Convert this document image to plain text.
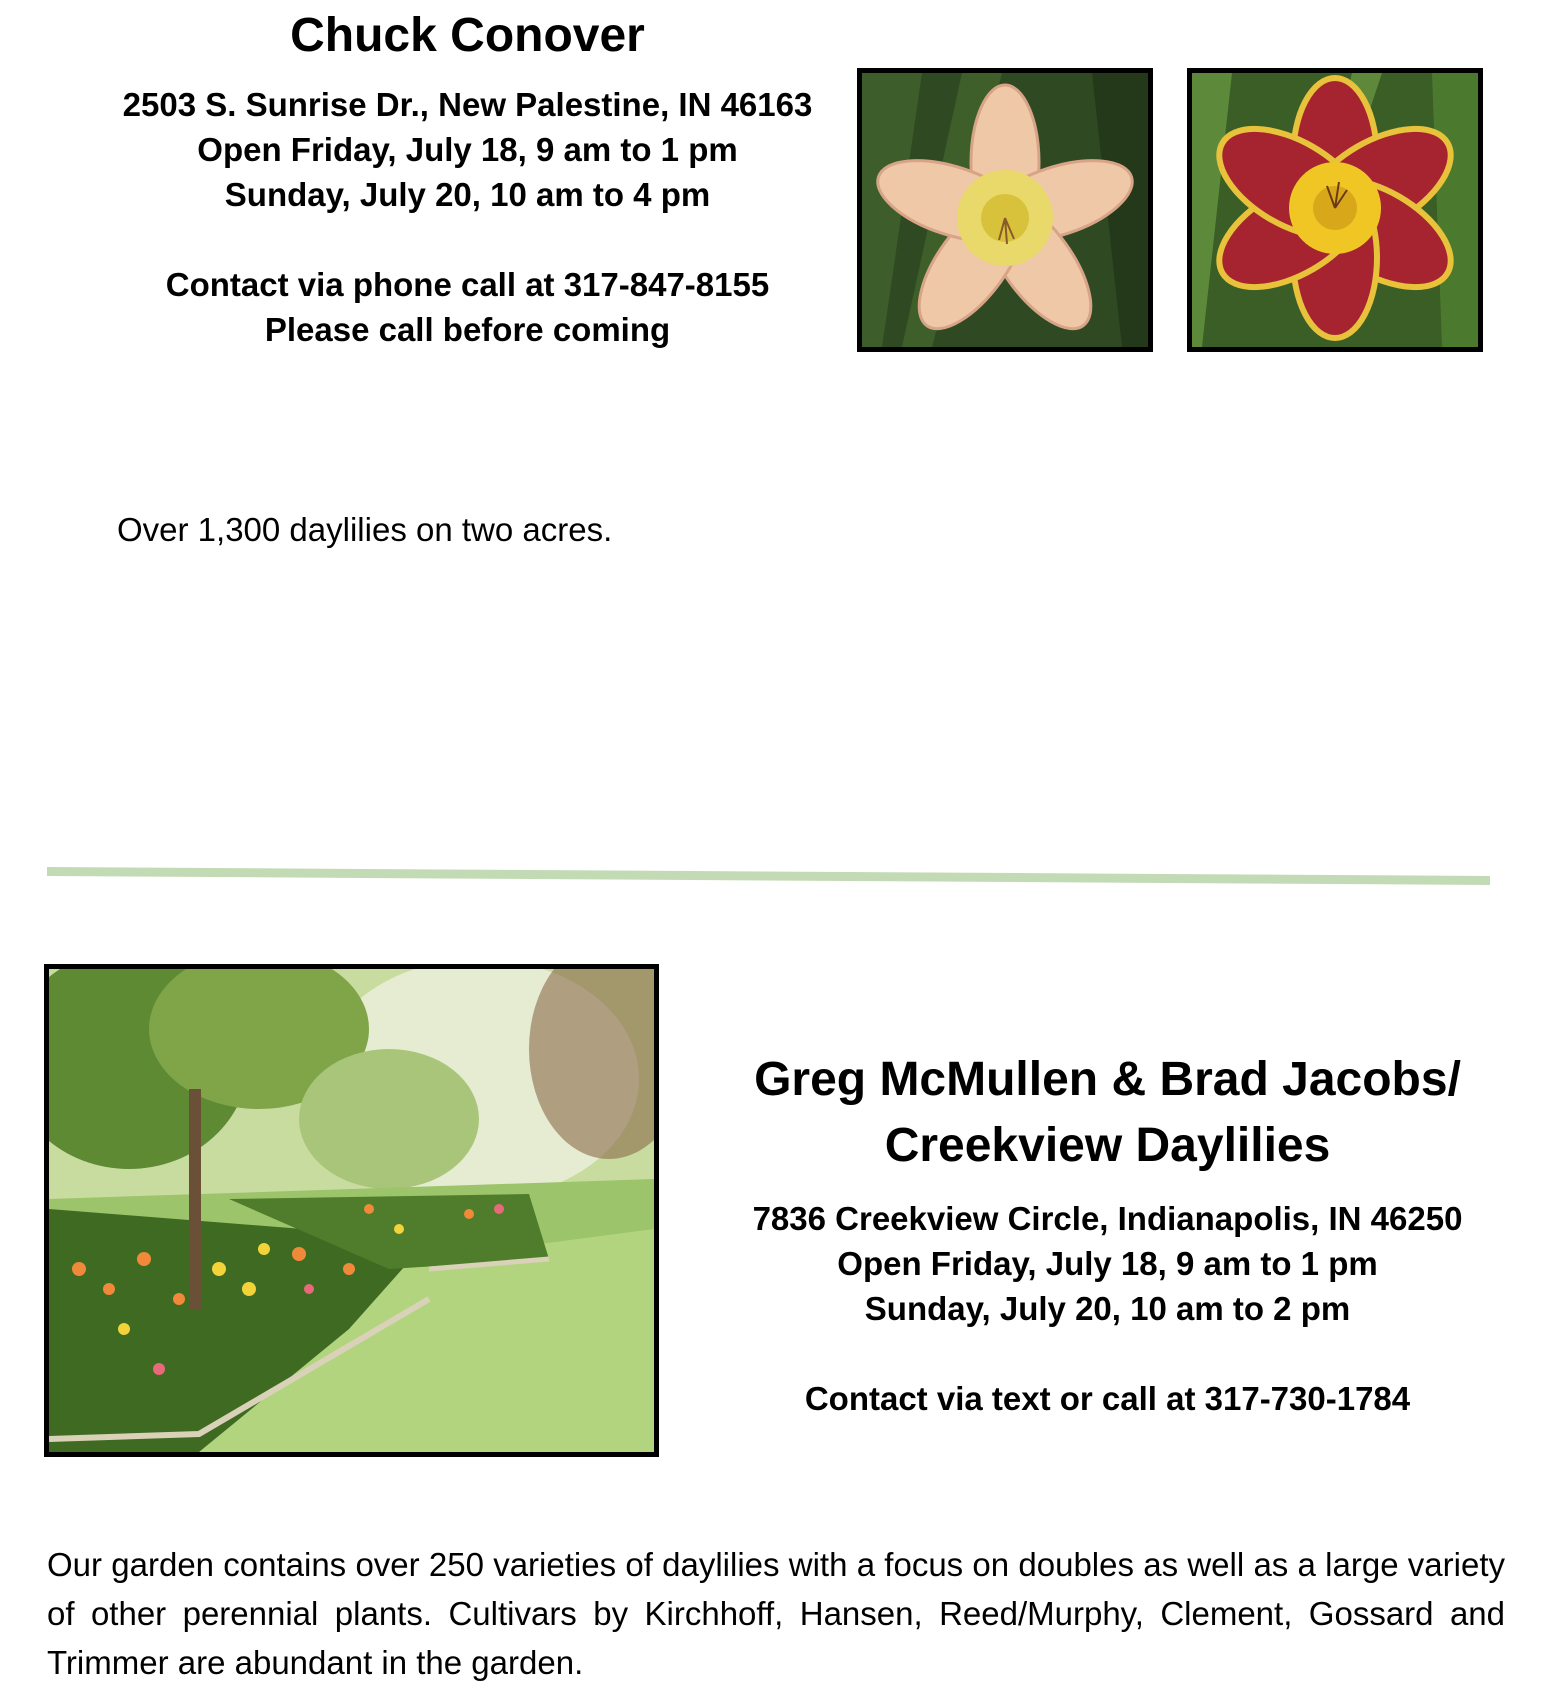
Chuck Conover
2503 S. Sunrise Dr., New Palestine, IN 46163
Open Friday, July 18, 9 am to 1 pm
Sunday, July 20, 10 am to 4 pm
Contact via phone call at 317-847-8155
Please call before coming
Over 1,300 daylilies on two acres.
Greg McMullen & Brad Jacobs/
Creekview Daylilies
7836 Creekview Circle, Indianapolis, IN 46250
Open Friday, July 18, 9 am to 1 pm
Sunday, July 20, 10 am to 2 pm
Contact via text or call at 317-730-1784
Our garden contains over 250 varieties of daylilies with a focus on doubles as well as a large variety of other perennial plants. Cultivars by Kirchhoff, Hansen, Reed/Murphy, Clement, Gossard and Trimmer are abundant in the garden.
